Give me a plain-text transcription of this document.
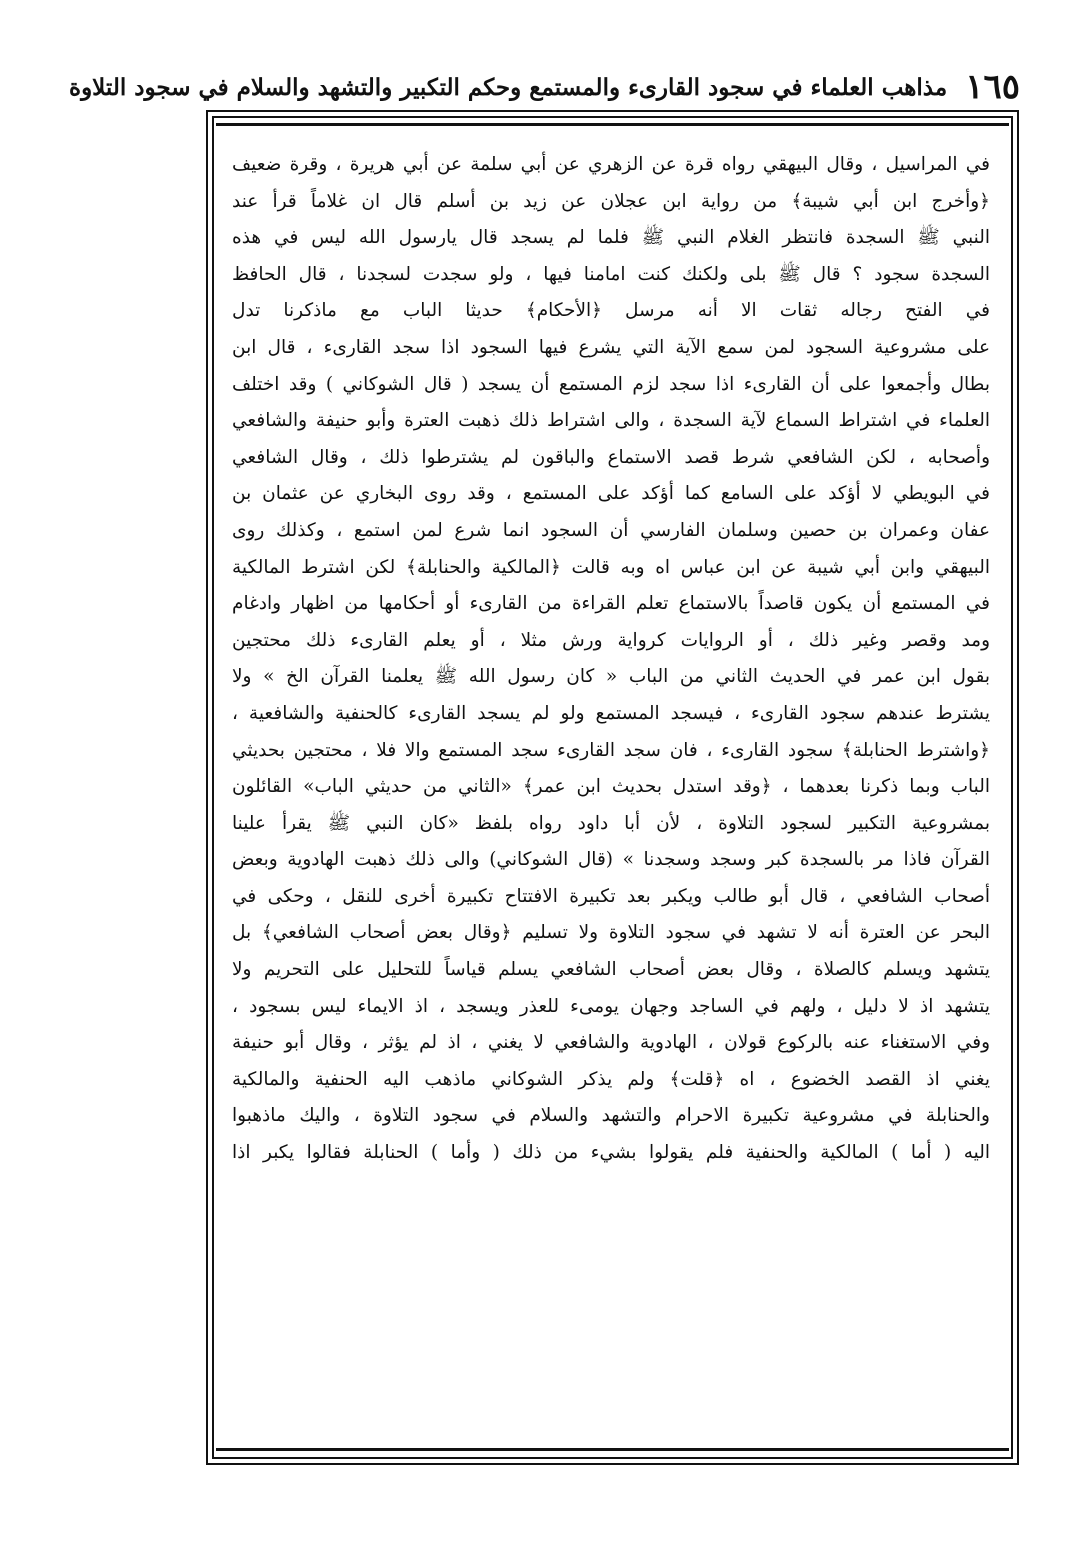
١٦٥
مذاهب العلماء في سجود القارىء والمستمع وحكم التكبير والتشهد والسلام في سجود التلاوة
في المراسيل ، وقال البيهقي رواه قرة عن الزهري عن أبي سلمة عن أبي هريرة ، وقرة ضعيف
﴿وأخرج ابن أبي شيبة﴾ من رواية ابن عجلان عن زيد بن أسلم قال ان غلاماً قرأ عند
النبي ﷺ السجدة فانتظر الغلام النبي ﷺ فلما لم يسجد قال يارسول الله ليس في هذه
السجدة سجود ؟ قال ﷺ بلى ولكنك كنت امامنا فيها ، ولو سجدت لسجدنا ، قال الحافظ
في الفتح رجاله ثقات الا أنه مرسل ﴿الأحكام﴾ حديثا الباب مع ماذكرنا تدل
على مشروعية السجود لمن سمع الآية التي يشرع فيها السجود اذا سجد القارىء ، قال ابن
بطال وأجمعوا على أن القارىء اذا سجد لزم المستمع أن يسجد ( قال الشوكاني ) وقد اختلف
العلماء في اشتراط السماع لآية السجدة ، والى اشتراط ذلك ذهبت العترة وأبو حنيفة والشافعي
وأصحابه ، لكن الشافعي شرط قصد الاستماع والباقون لم يشترطوا ذلك ، وقال الشافعي
في البويطي لا أؤكد على السامع كما أؤكد على المستمع ، وقد روى البخاري عن عثمان بن
عفان وعمران بن حصين وسلمان الفارسي أن السجود انما شرع لمن استمع ، وكذلك روى
البيهقي وابن أبي شيبة عن ابن عباس اه وبه قالت ﴿المالكية والحنابلة﴾ لكن اشترط المالكية
في المستمع أن يكون قاصداً بالاستماع تعلم القراءة من القارىء أو أحكامها من اظهار وادغام
ومد وقصر وغير ذلك ، أو الروايات كرواية ورش مثلا ، أو يعلم القارىء ذلك محتجين
بقول ابن عمر في الحديث الثاني من الباب « كان رسول الله ﷺ يعلمنا القرآن الخ » ولا
يشترط عندهم سجود القارىء ، فيسجد المستمع ولو لم يسجد القارىء كالحنفية والشافعية ،
﴿واشترط الحنابلة﴾ سجود القارىء ، فان سجد القارىء سجد المستمع والا فلا ، محتجين بحديثي
الباب وبما ذكرنا بعدهما ، ﴿وقد استدل بحديث ابن عمر﴾ «الثاني من حديثي الباب» القائلون
بمشروعية التكبير لسجود التلاوة ، لأن أبا داود رواه بلفظ «كان النبي ﷺ يقرأ علينا
القرآن فاذا مر بالسجدة كبر وسجد وسجدنا » (قال الشوكاني) والى ذلك ذهبت الهادوية وبعض
أصحاب الشافعي ، قال أبو طالب ويكبر بعد تكبيرة الافتتاح تكبيرة أخرى للنقل ، وحكى في
البحر عن العترة أنه لا تشهد في سجود التلاوة ولا تسليم ﴿وقال بعض أصحاب الشافعي﴾ بل
يتشهد ويسلم كالصلاة ، وقال بعض أصحاب الشافعي يسلم قياساً للتحليل على التحريم ولا
يتشهد اذ لا دليل ، ولهم في الساجد وجهان يومىء للعذر ويسجد ، اذ الايماء ليس بسجود ،
وفي الاستغناء عنه بالركوع قولان ، الهادوية والشافعي لا يغني ، اذ لم يؤثر ، وقال أبو حنيفة
يغني اذ القصد الخضوع ، اه ﴿قلت﴾ ولم يذكر الشوكاني ماذهب اليه الحنفية والمالكية
والحنابلة في مشروعية تكبيرة الاحرام والتشهد والسلام في سجود التلاوة ، واليك ماذهبوا
اليه ( أما ) المالكية والحنفية فلم يقولوا بشيء من ذلك ( وأما ) الحنابلة فقالوا يكبر اذا
